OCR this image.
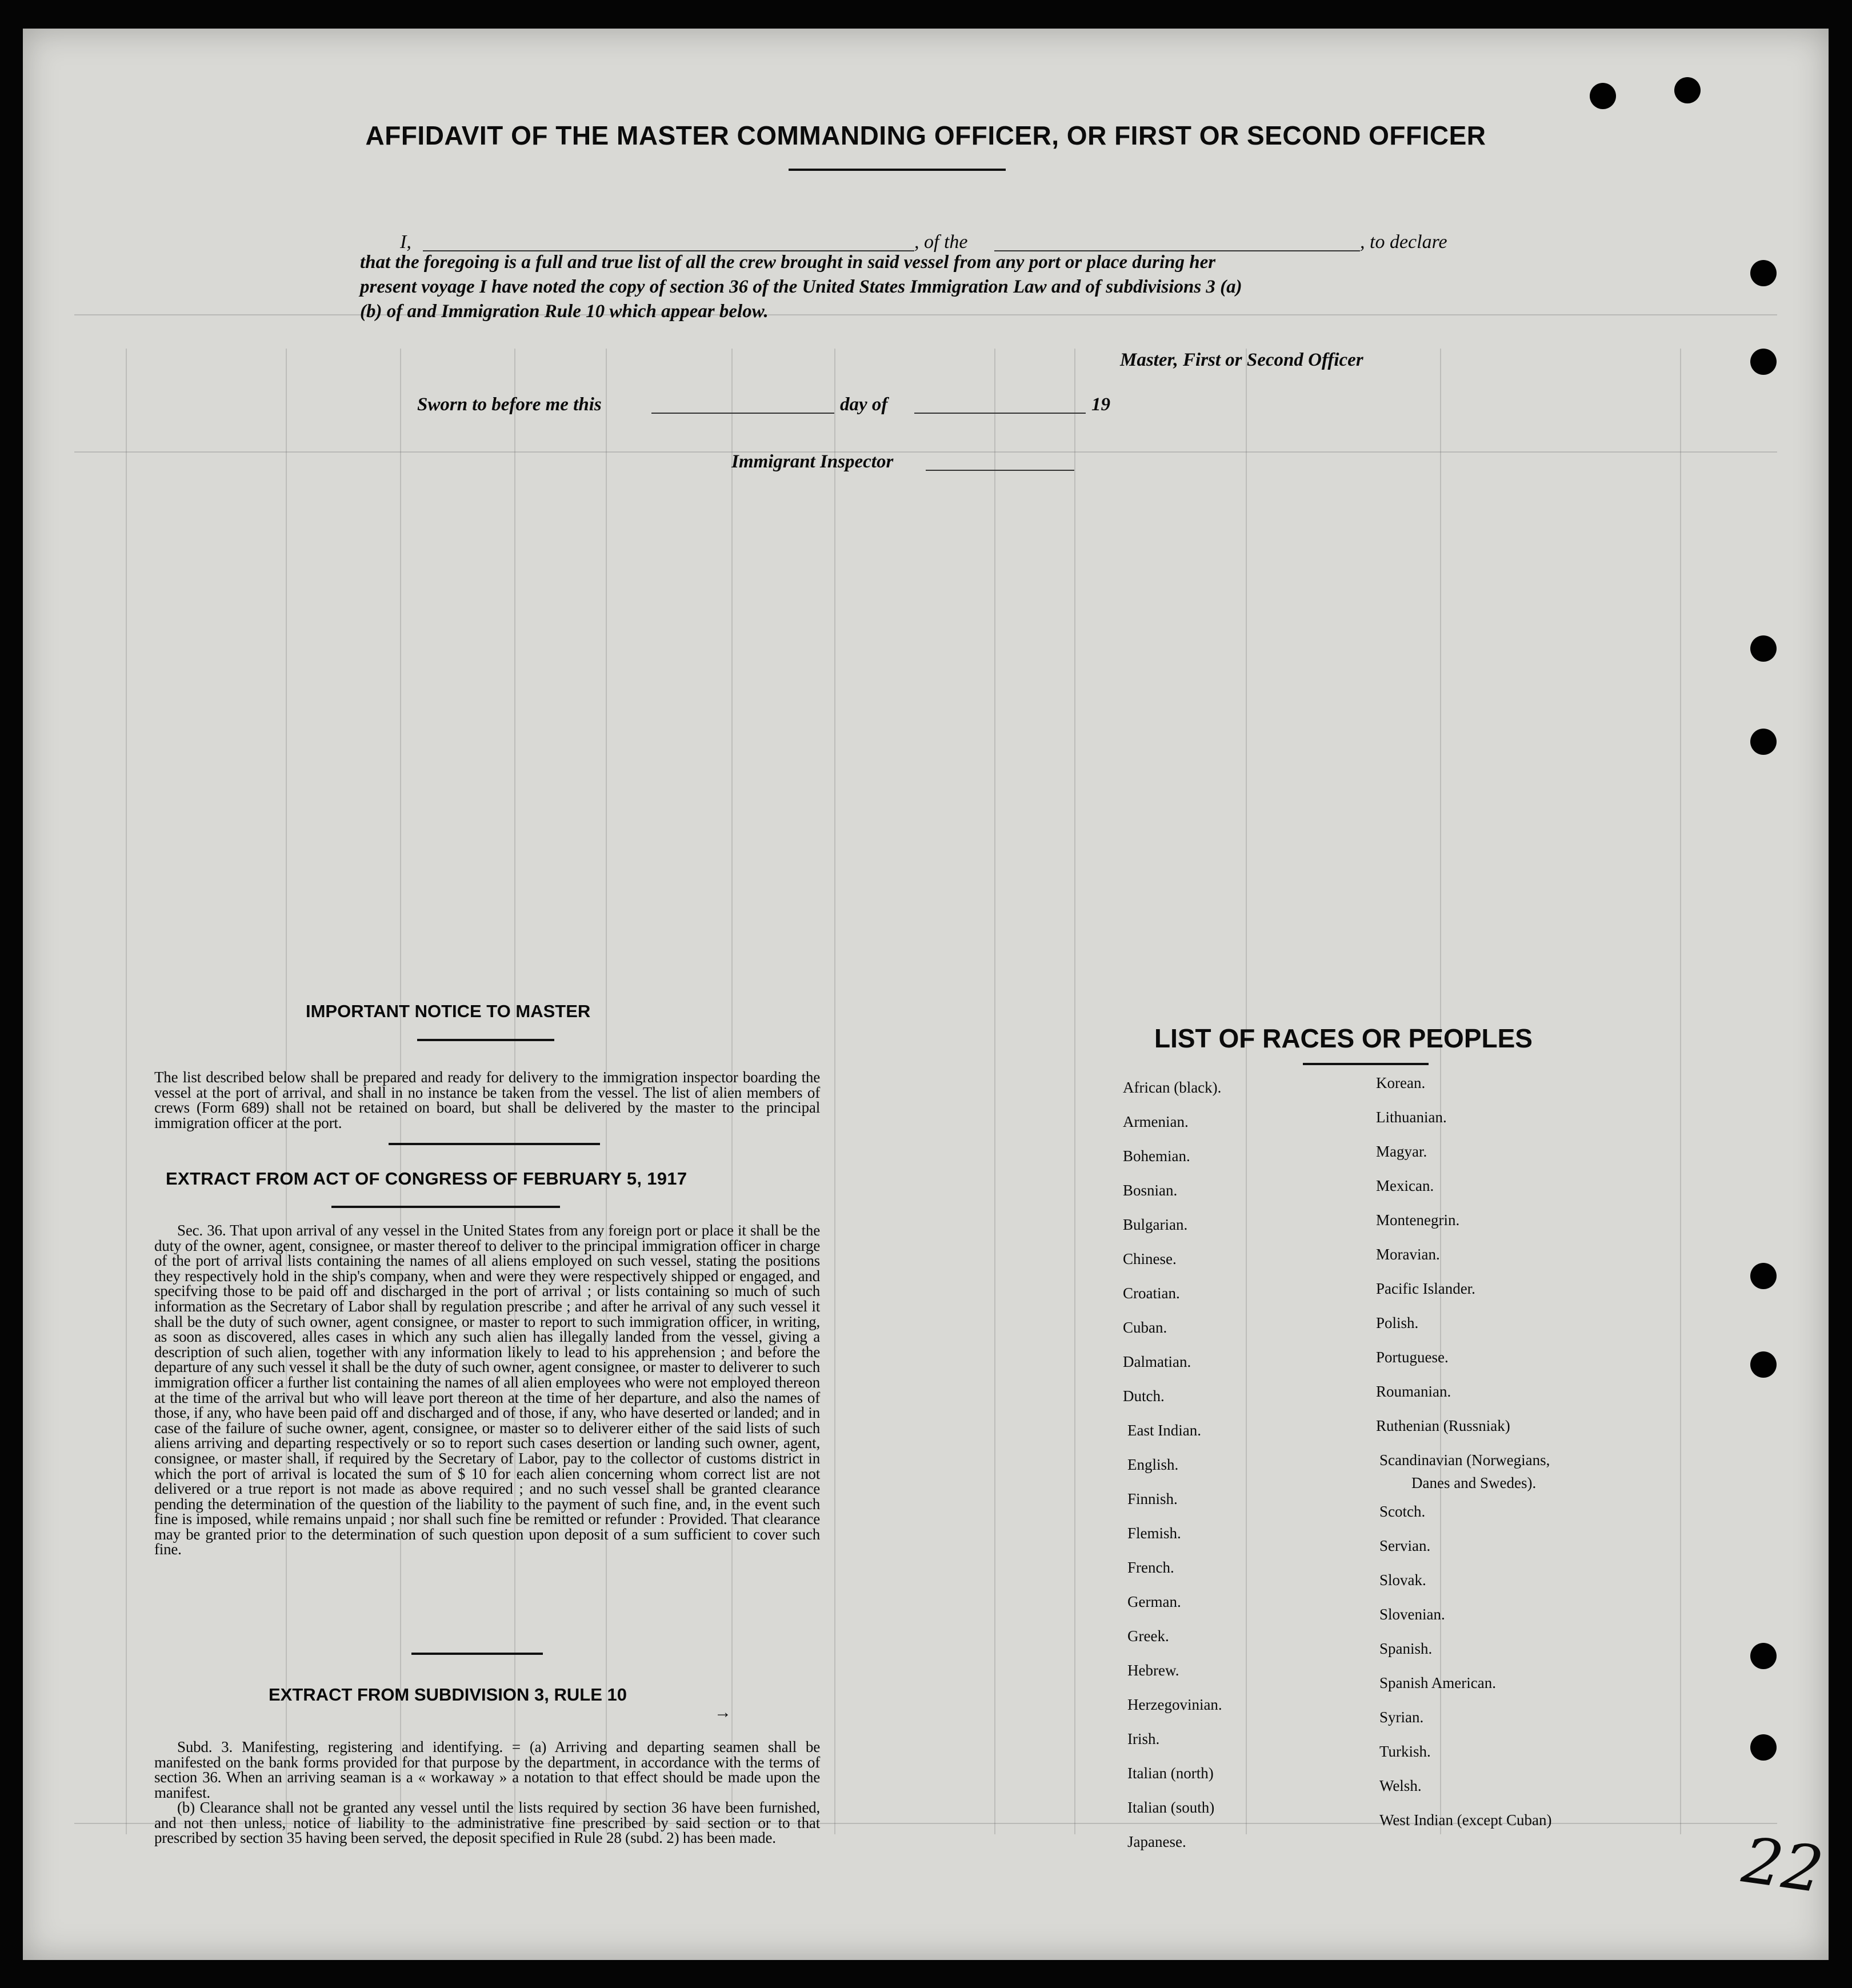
AFFIDAVIT OF THE MASTER COMMANDING OFFICER, OR FIRST OR SECOND OFFICER
I,	, of the	, to declare
that the foregoing is a full and true list of all the crew brought in said vessel from any port or place during her
present voyage I have noted the copy of section 36 of the United States Immigration Law and of subdivisions 3 (a)
(b) of and Immigration Rule 10 which appear below.
Master, First or Second Officer
Sworn to before me this	day of	19
Immigrant Inspector
IMPORTANT NOTICE TO MASTER
The list described below shall be prepared and ready for delivery to the immigration inspector boarding the vessel at the port of arrival, and shall in no instance be taken from the vessel. The list of alien members of crews (Form 689) shall not be retained on board, but shall be delivered by the master to the principal immigration officer at the port.
EXTRACT FROM ACT OF CONGRESS OF FEBRUARY 5, 1917
Sec. 36. That upon arrival of any vessel in the United States from any foreign port or place it shall be the duty of the owner, agent, consignee, or master thereof to deliver to the principal immigration officer in charge of the port of arrival lists containing the names of all aliens employed on such vessel, stating the positions they respectively hold in the ship's company, when and were they were respectively shipped or engaged, and specifving those to be paid off and discharged in the port of arrival ; or lists containing so much of such information as the Secretary of Labor shall by regulation prescribe ; and after he arrival of any such vessel it shall be the duty of such owner, agent consignee, or master to report to such immigration officer, in writing, as soon as discovered, alles cases in which any such alien has illegally landed from the vessel, giving a description of such alien, together with any information likely to lead to his apprehension ; and before the departure of any such vessel it shall be the duty of such owner, agent consignee, or master to deliverer to such immigration officer a further list containing the names of all alien employees who were not employed thereon at the time of the arrival but who will leave port thereon at the time of her departure, and also the names of those, if any, who have been paid off and discharged and of those, if any, who have deserted or landed; and in case of the failure of suche owner, agent, consignee, or master so to deliverer either of the said lists of such aliens arriving and departing respectively or so to report such cases desertion or landing such owner, agent, consignee, or master shall, if required by the Secretary of Labor, pay to the collector of customs district in which the port of arrival is located the sum of $ 10 for each alien concerning whom correct list are not delivered or a true report is not made as above required ; and no such vessel shall be granted clearance pending the determination of the question of the liability to the payment of such fine, and, in the event such fine is imposed, while remains unpaid ; nor shall such fine be remitted or refunder : Provided. That clearance may be granted prior to the determination of such question upon deposit of a sum sufficient to cover such fine.
EXTRACT FROM SUBDIVISION 3, RULE 10
→
Subd. 3. Manifesting, registering and identifying. = (a) Arriving and departing seamen shall be manifested on the bank forms provided for that purpose by the department, in accordance with the terms of section 36. When an arriving seaman is a « workaway » a notation to that effect should be made upon the manifest.
(b) Clearance shall not be granted any vessel until the lists required by section 36 have been furnished, and not then unless, notice of liability to the administrative fine prescribed by said section or to that prescribed by section 35 having been served, the deposit specified in Rule 28 (subd. 2) has been made.
LIST OF RACES OR PEOPLES
Danes and Swedes).
22
African (black).
Armenian.
Bohemian.
Bosnian.
Bulgarian.
Chinese.
Croatian.
Cuban.
Dalmatian.
Dutch.
East Indian.
English.
Finnish.
Flemish.
French.
German.
Greek.
Hebrew.
Herzegovinian.
Irish.
Italian (north)
Italian (south)
Japanese.
Korean.
Lithuanian.
Magyar.
Mexican.
Montenegrin.
Moravian.
Pacific Islander.
Polish.
Portuguese.
Roumanian.
Ruthenian (Russniak)
Scandinavian (Norwegians,
Scotch.
Servian.
Slovak.
Slovenian.
Spanish.
Spanish American.
Syrian.
Turkish.
Welsh.
West Indian (except Cuban)
